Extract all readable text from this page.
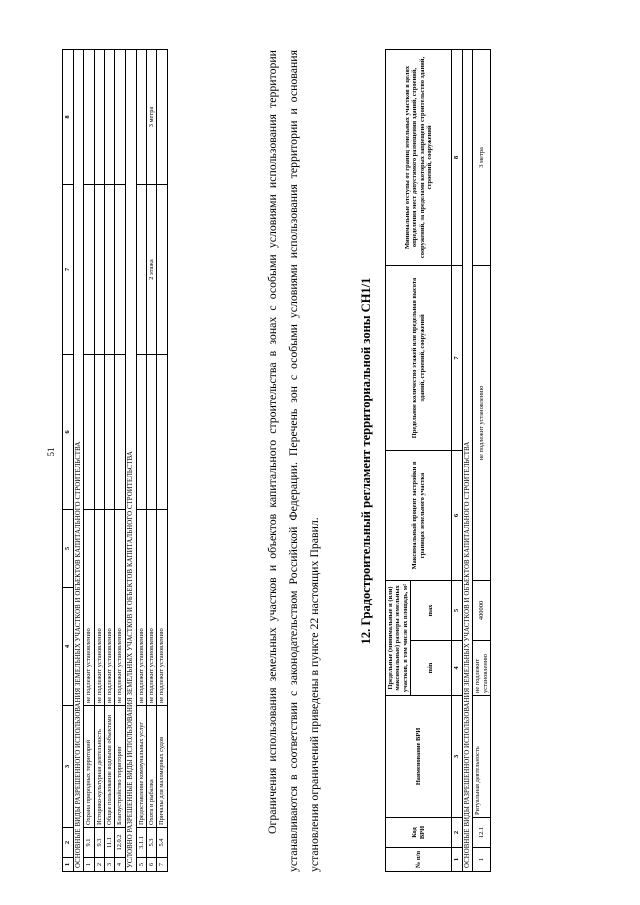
51
1	2	3	4	5	6	7	8
ОСНОВНЫЕ ВИДЫ РАЗРЕШЕННОГО ИСПОЛЬЗОВАНИЯ ЗЕМЕЛЬНЫХ УЧАСТКОВ И ОБЪЕКТОВ КАПИТАЛЬНОГО СТРОИТЕЛЬСТВА							
1	9.1	Охрана природных территорий	не подлежит установлению				
2	9.3	Историко-культурная деятельность	не подлежит установлению				
3	11.1	Общее пользование водными объектами	не подлежит установлению				
4	12.0.2	Благоустройство территории	не подлежит установлению				
УСЛОВНО РАЗРЕШЕННЫЕ ВИДЫ ИСПОЛЬЗОВАНИЯ ЗЕМЕЛЬНЫХ УЧАСТКОВ И ОБЪЕКТОВ КАПИТАЛЬНОГО СТРОИТЕЛЬСТВА							
5	3.1.1	Предоставление коммунальных услуг	не подлежит установлению				
6	5.3	Охота и рыбалка	не подлежит установлению			2 этажа	3 метра
7	5.4	Причалы для маломерных судов	не подлежит установлению					Ограничения использования земельных участков и объектов капитального строительства в зонах с особыми условиями использования территории устанавливаются в соответствии с законодательством Российской Федерации. Перечень зон с особыми условиями использования территории и основания установления ограничений приведены в пункте 22 настоящих Правил.

12. Градостроительный регламент территориальной зоны СН1/1
№ п/п	Код ВРИ	Наименование ВРИ	Предельные (минимальные и (или) максимальные) размеры земельных участков, в том числе их площадь, м²		Максимальный процент застройки в границах земельного участка	Предельное количество этажей или предельная высота зданий, строений, сооружений	Минимальные отступы от границ земельных участков в целях определения мест допустимого размещения зданий, строений, сооружений, за пределами которых запрещено строительство зданий, строений, сооружений
			min	max			
1	2	3	4	5	6	7	8
ОСНОВНЫЕ ВИДЫ РАЗРЕШЕННОГО ИСПОЛЬЗОВАНИЯ ЗЕМЕЛЬНЫХ УЧАСТКОВ И ОБЪЕКТОВ КАПИТАЛЬНОГО СТРОИТЕЛЬСТВА							
1	12.1	Ритуальная деятельность	не подлежит установлению	400000	не подлежит установлению		3 метра
